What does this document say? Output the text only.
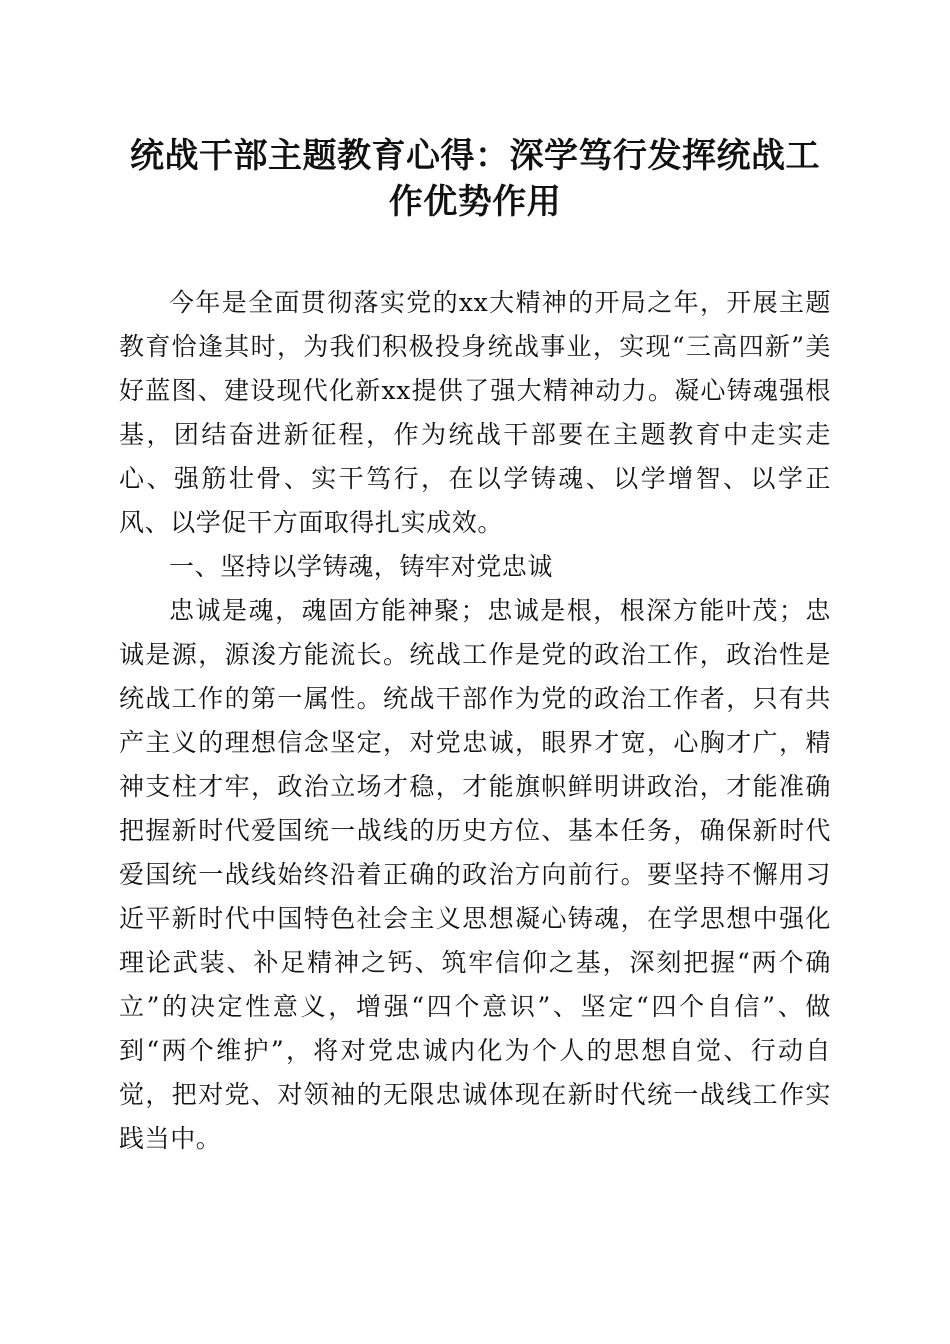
统战干部主题教育心得：深学笃行发挥统战工
作优势作用

今年是全面贯彻落实党的xx大精神的开局之年，开展主题教育恰逢其时，为我们积极投身统战事业，实现“三高四新”美好蓝图、建设现代化新xx提供了强大精神动力。凝心铸魂强根基，团结奋进新征程，作为统战干部要在主题教育中走实走心、强筋壮骨、实干笃行，在以学铸魂、以学增智、以学正风、以学促干方面取得扎实成效。

一、坚持以学铸魂，铸牢对党忠诚

忠诚是魂，魂固方能神聚；忠诚是根，根深方能叶茂；忠诚是源，源浚方能流长。统战工作是党的政治工作，政治性是统战工作的第一属性。统战干部作为党的政治工作者，只有共产主义的理想信念坚定，对党忠诚，眼界才宽，心胸才广，精神支柱才牢，政治立场才稳，才能旗帜鲜明讲政治，才能准确把握新时代爱国统一战线的历史方位、基本任务，确保新时代爱国统一战线始终沿着正确的政治方向前行。要坚持不懈用习近平新时代中国特色社会主义思想凝心铸魂，在学思想中强化理论武装、补足精神之钙、筑牢信仰之基，深刻把握“两个确立”的决定性意义，增强“四个意识”、坚定“四个自信”、做到“两个维护”，将对党忠诚内化为个人的思想自觉、行动自觉，把对党、对领袖的无限忠诚体现在新时代统一战线工作实践当中。
